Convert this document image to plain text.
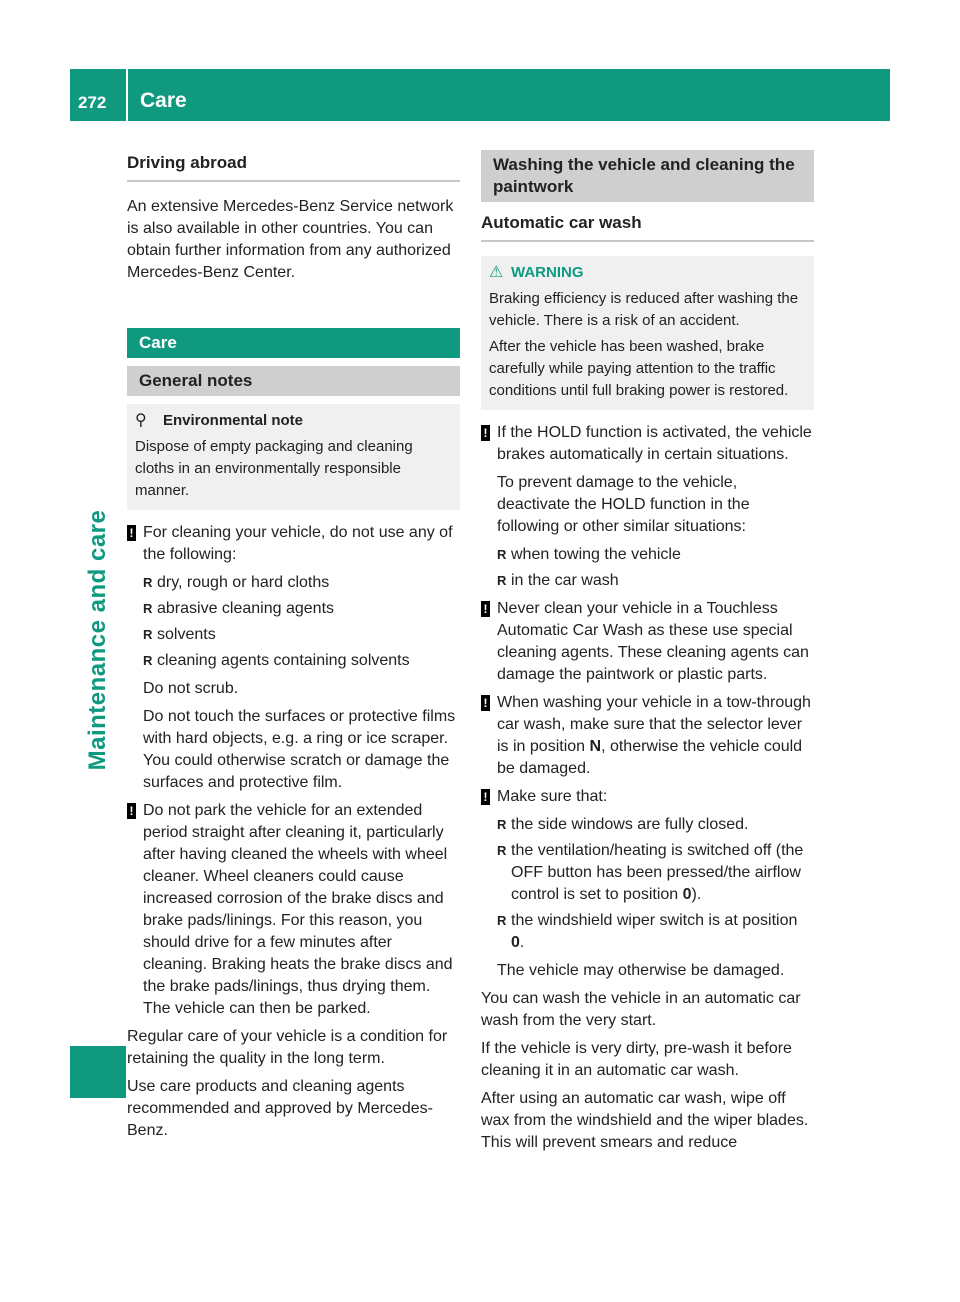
272 Care
Maintenance and care
Driving abroad

An extensive Mercedes-Benz Service network is also available in other countries. You can obtain further information from any authorized Mercedes-Benz Center.

Care
General notes
⚲	Environmental note
Dispose of empty packaging and cleaning cloths in an environmentally responsible manner.
! For cleaning your vehicle, do not use any of the following:

R dry, rough or hard cloths
R abrasive cleaning agents
R solvents
R cleaning agents containing solvents

Do not scrub.

Do not touch the surfaces or protective films with hard objects, e.g. a ring or ice scraper. You could otherwise scratch or damage the surfaces and protective film.

! Do not park the vehicle for an extended period straight after cleaning it, particularly after having cleaned the wheels with wheel cleaner. Wheel cleaners could cause increased corrosion of the brake discs and brake pads/linings. For this reason, you should drive for a few minutes after cleaning. Braking heats the brake discs and the brake pads/linings, thus drying them. The vehicle can then be parked.

Regular care of your vehicle is a condition for retaining the quality in the long term.

Use care products and cleaning agents recommended and approved by Mercedes-Benz.

Washing the vehicle and cleaning the paintwork
Automatic car wash
⚠ WARNING
Braking efficiency is reduced after washing the vehicle. There is a risk of an accident.
After the vehicle has been washed, brake carefully while paying attention to the traffic conditions until full braking power is restored.
! If the HOLD function is activated, the vehicle brakes automatically in certain situations.

To prevent damage to the vehicle, deactivate the HOLD function in the following or other similar situations:

R when towing the vehicle
R in the car wash
! Never clean your vehicle in a Touchless Automatic Car Wash as these use special cleaning agents. These cleaning agents can damage the paintwork or plastic parts.

! When washing your vehicle in a tow-through car wash, make sure that the selector lever is in position N, otherwise the vehicle could be damaged.

! Make sure that:

R the side windows are fully closed.
R the ventilation/heating is switched off (the OFF button has been pressed/the airflow control is set to position 0).
R the windshield wiper switch is at position 0.

The vehicle may otherwise be damaged.

You can wash the vehicle in an automatic car wash from the very start.

If the vehicle is very dirty, pre-wash it before cleaning it in an automatic car wash.

After using an automatic car wash, wipe off wax from the windshield and the wiper blades. This will prevent smears and reduce
